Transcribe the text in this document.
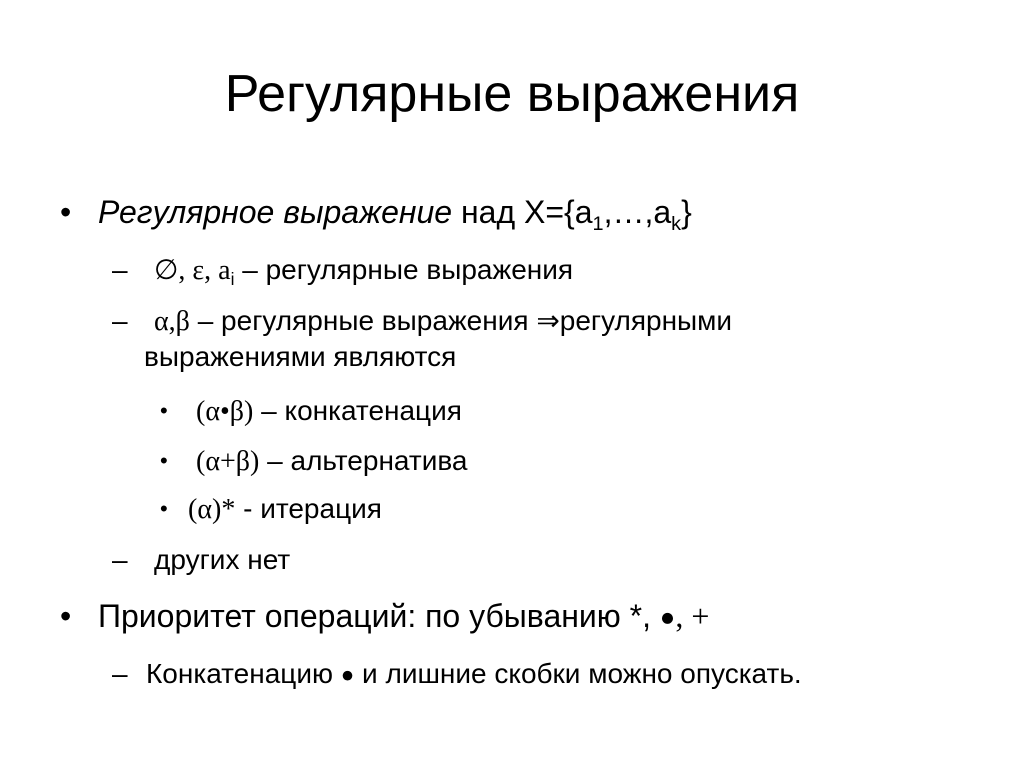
Регулярные выражения
• Регулярное выражение над $X=\{a_1,\dots,a_k\}$
– ∅, ε, $a_i$ – регулярные выражения
– α,β – регулярные выражения ⇒регулярными
выражениями являются
• (α•β) – конкатенация
• (α+β) – альтернатива
• (α)* - итерация
– других нет
• Приоритет операций: по убыванию *, ●, +
– Конкатенацию ● и лишние скобки можно опускать.
